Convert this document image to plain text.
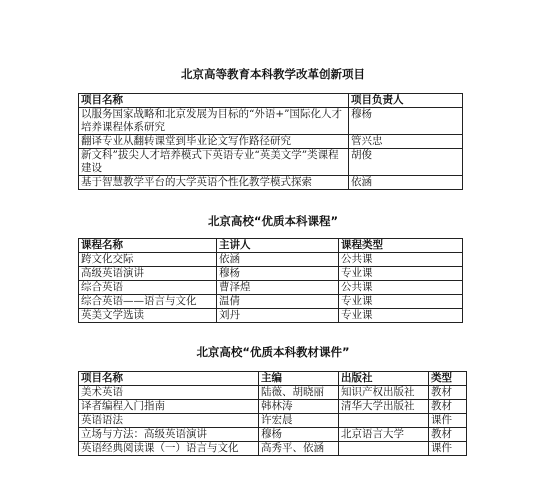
北京高等教育本科教学改革创新项目
项目名称	项目负责人
以服务国家战略和北京发展为目标的“外语+”国际化人才培养课程体系研究	穆杨
翻译专业从翻转课堂到毕业论文写作路径研究	管兴忠
新文科”拔尖人才培养模式下英语专业“英美文学”类课程建设	胡俊
基于智慧教学平台的大学英语个性化教学模式探索	依涵
北京高校“优质本科课程”
课程名称	主讲人	课程类型
跨文化交际	依涵	公共课
高级英语演讲	穆杨	专业课
综合英语	曹泽煌	公共课
综合英语——语言与文化	温倩	专业课
英美文学选读	刘丹	专业课
北京高校“优质本科教材课件”
项目名称	主编	出版社	类型
美术英语	陆薇、胡晓丽	知识产权出版社	教材
译者编程入门指南	韩林涛	清华大学出版社	教材
英语语法	许宏晨		课件
立场与方法：高级英语演讲	穆杨	北京语言大学	教材
英语经典阅读课（一）语言与文化	高秀平、依涵		课件
